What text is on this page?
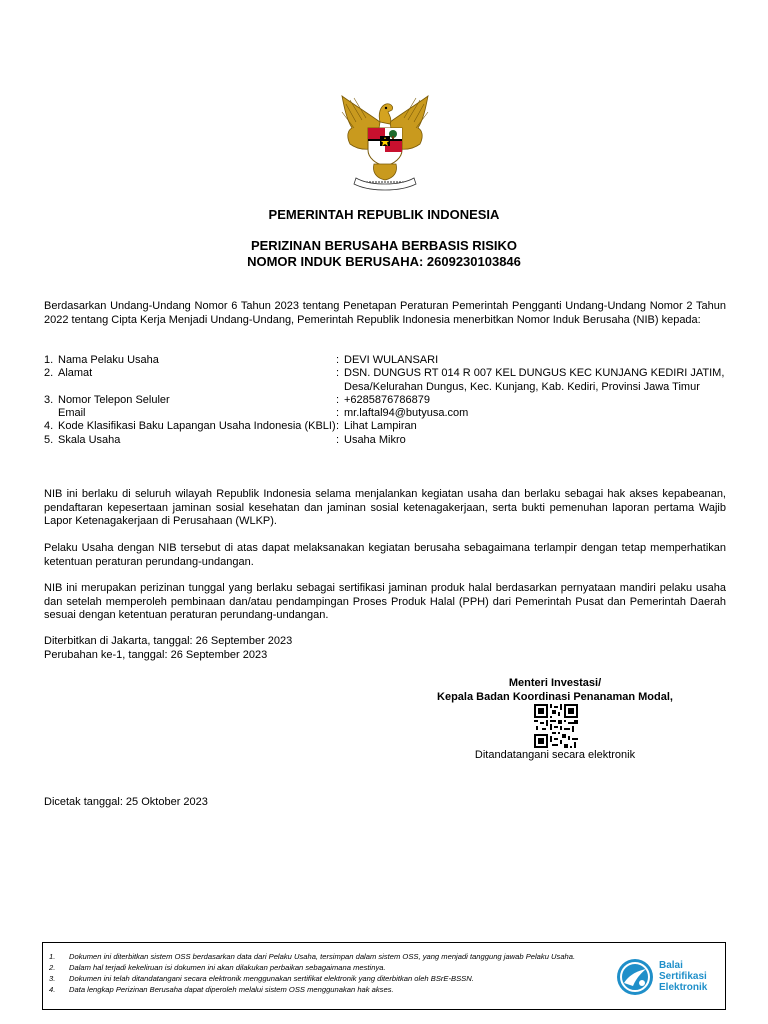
PEMERINTAH REPUBLIK INDONESIA
PERIZINAN BERUSAHA BERBASIS RISIKO
NOMOR INDUK BERUSAHA: 2609230103846

Berdasarkan Undang-Undang Nomor 6 Tahun 2023 tentang Penetapan Peraturan Pemerintah Pengganti Undang-Undang Nomor 2 Tahun 2022 tentang Cipta Kerja Menjadi Undang-Undang, Pemerintah Republik Indonesia menerbitkan Nomor Induk Berusaha (NIB) kepada:

1. Nama Pelaku Usaha	: DEVI WULANSARI
2. Alamat	: DSN. DUNGUS RT 014 R 007 KEL DUNGUS KEC KUNJANG KEDIRI JATIM, Desa/Kelurahan Dungus, Kec. Kunjang, Kab. Kediri, Provinsi Jawa Timur
3. Nomor Telepon Seluler	: +6285876786879
Email	: mr.laftal94@butyusa.com
4. Kode Klasifikasi Baku Lapangan Usaha Indonesia (KBLI) : Lihat Lampiran
5. Skala Usaha	: Usaha Mikro

NIB ini berlaku di seluruh wilayah Republik Indonesia selama menjalankan kegiatan usaha dan berlaku sebagai hak akses kepabeanan, pendaftaran kepesertaan jaminan sosial kesehatan dan jaminan sosial ketenagakerjaan, serta bukti pemenuhan laporan pertama Wajib Lapor Ketenagakerjaan di Perusahaan (WLKP).

Pelaku Usaha dengan NIB tersebut di atas dapat melaksanakan kegiatan berusaha sebagaimana terlampir dengan tetap memperhatikan ketentuan peraturan perundang-undangan.

NIB ini merupakan perizinan tunggal yang berlaku sebagai sertifikasi jaminan produk halal berdasarkan pernyataan mandiri pelaku usaha dan setelah memperoleh pembinaan dan/atau pendampingan Proses Produk Halal (PPH) dari Pemerintah Pusat dan Pemerintah Daerah sesuai dengan ketentuan peraturan perundang-undangan.

Diterbitkan di Jakarta, tanggal: 26 September 2023
Perubahan ke-1, tanggal: 26 September 2023
Menteri Investasi/
Kepala Badan Koordinasi Penanaman Modal,
Ditandatangani secara elektronik
Dicetak tanggal: 25 Oktober 2023
1.	Dokumen ini diterbitkan sistem OSS berdasarkan data dari Pelaku Usaha, tersimpan dalam sistem OSS, yang menjadi tanggung jawab Pelaku Usaha.
2.	Dalam hal terjadi kekeliruan isi dokumen ini akan dilakukan perbaikan sebagaimana mestinya.
3.	Dokumen ini telah ditandatangani secara elektronik menggunakan sertifikat elektronik yang diterbitkan oleh BSrE-BSSN.
4.	Data lengkap Perizinan Berusaha dapat diperoleh melalui sistem OSS menggunakan hak akses.
Balai
Sertifikasi
Elektronik
